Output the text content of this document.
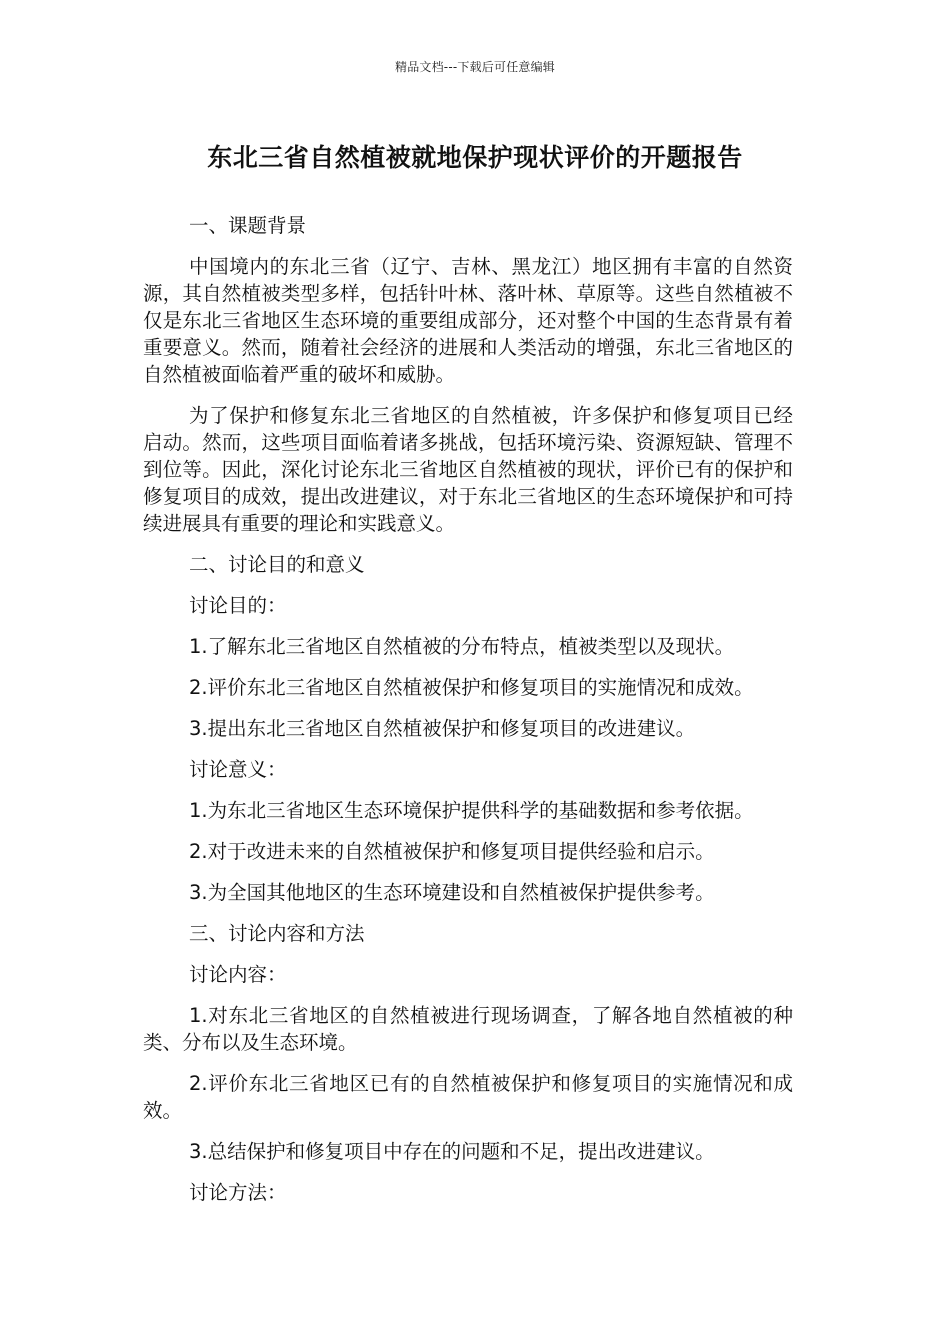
精品文档---下载后可任意编辑
东北三省自然植被就地保护现状评价的开题报告

一、课题背景

中国境内的东北三省（辽宁、吉林、黑龙江）地区拥有丰富的自然资源，其自然植被类型多样，包括针叶林、落叶林、草原等。这些自然植被不仅是东北三省地区生态环境的重要组成部分，还对整个中国的生态背景有着重要意义。然而，随着社会经济的进展和人类活动的增强，东北三省地区的自然植被面临着严重的破坏和威胁。

为了保护和修复东北三省地区的自然植被，许多保护和修复项目已经启动。然而，这些项目面临着诸多挑战，包括环境污染、资源短缺、管理不到位等。因此，深化讨论东北三省地区自然植被的现状，评价已有的保护和修复项目的成效，提出改进建议，对于东北三省地区的生态环境保护和可持续进展具有重要的理论和实践意义。

二、讨论目的和意义

讨论目的：

1.了解东北三省地区自然植被的分布特点，植被类型以及现状。

2.评价东北三省地区自然植被保护和修复项目的实施情况和成效。

3.提出东北三省地区自然植被保护和修复项目的改进建议。

讨论意义：

1.为东北三省地区生态环境保护提供科学的基础数据和参考依据。

2.对于改进未来的自然植被保护和修复项目提供经验和启示。

3.为全国其他地区的生态环境建设和自然植被保护提供参考。

三、讨论内容和方法

讨论内容：

1.对东北三省地区的自然植被进行现场调查，了解各地自然植被的种类、分布以及生态环境。

2.评价东北三省地区已有的自然植被保护和修复项目的实施情况和成效。

3.总结保护和修复项目中存在的问题和不足，提出改进建议。

讨论方法：
